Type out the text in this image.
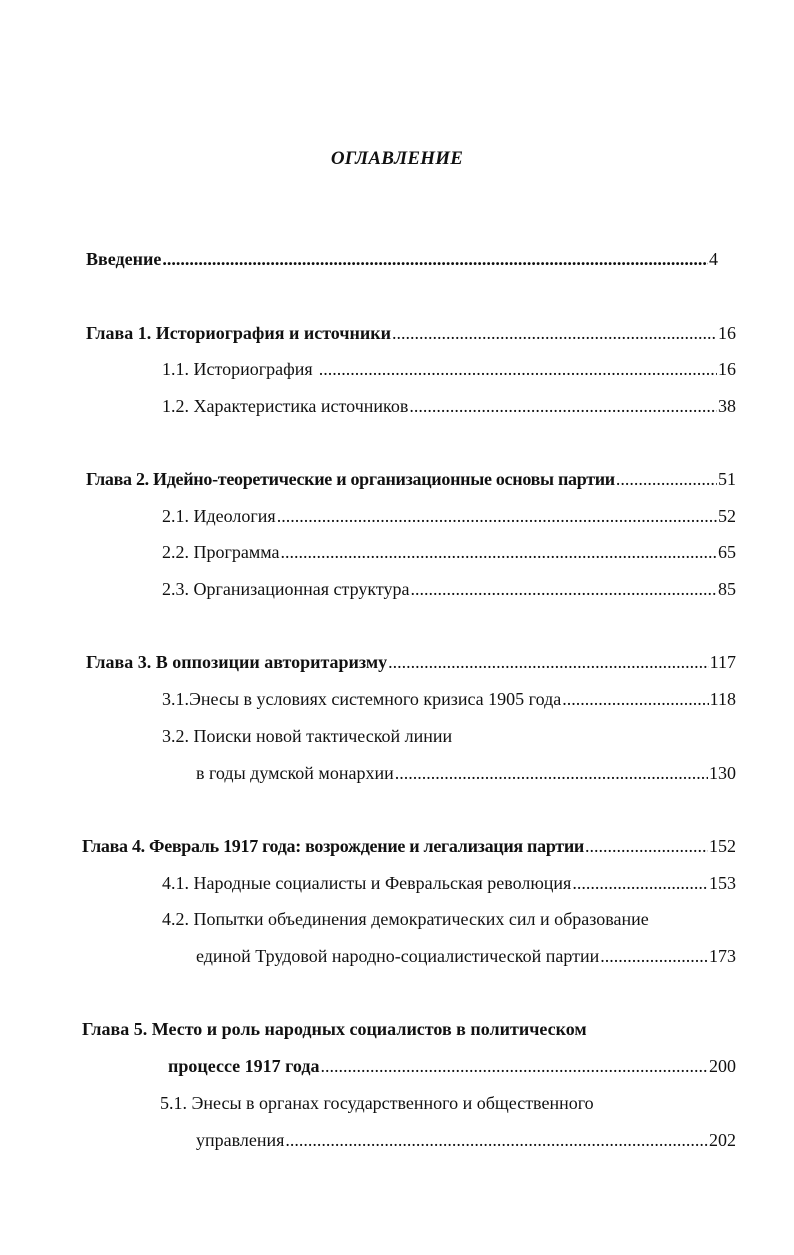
ОГЛАВЛЕНИЕ
Введение .....	4
Глава 1. Историография и источники .....	16
1.1. Историография .....	16
1.2. Характеристика источников .....	38
Глава 2. Идейно-теоретические и организационные основы партии .....	51
2.1. Идеология .....	52
2.2. Программа .....	65
2.3. Организационная структура .....	85
Глава 3. В оппозиции авторитаризму .....	117
3.1.Энесы в условиях системного кризиса 1905 года .....	118
3.2. Поиски новой тактической линии
в годы думской монархии .....	130
Глава 4. Февраль 1917 года: возрождение и легализация партии .....	152
4.1. Народные социалисты и Февральская революция .....	153
4.2. Попытки объединения демократических сил и образование
единой Трудовой народно-социалистической партии .....	173
Глава 5. Место и роль народных социалистов в политическом
процессе 1917 года .....	200
5.1. Энесы в органах государственного и общественного
управления .....	202
